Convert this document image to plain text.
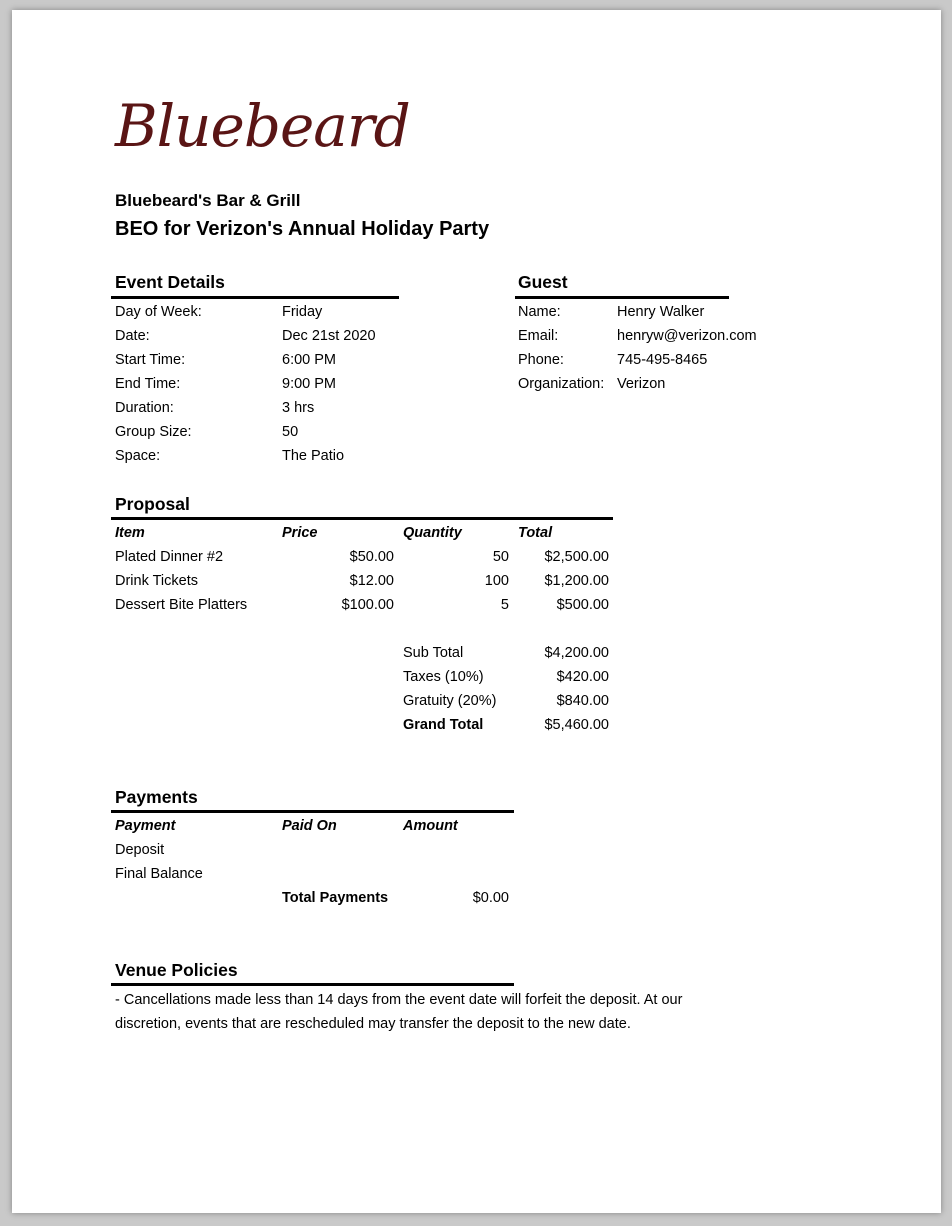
Bluebeard
Bluebeard's Bar & Grill
BEO for Verizon's Annual Holiday Party
Event Details
Day of Week:	Friday
Date:	Dec 21st 2020
Start Time:	6:00 PM
End Time:	9:00 PM
Duration:	3 hrs
Group Size:	50
Space:	The Patio
Guest
Name:	Henry Walker
Email:	henryw@verizon.com
Phone:	745-495-8465
Organization: Verizon
Proposal
Item	Price	Quantity	Total
Plated Dinner #2	$50.00	50	$2,500.00
Drink Tickets	$12.00	100	$1,200.00
Dessert Bite Platters	$100.00	5	$500.00
Sub Total	$4,200.00
Taxes (10%)	$420.00
Gratuity (20%)	$840.00
Grand Total	$5,460.00
Payments
Payment	Paid On	Amount
Deposit
Final Balance
Total Payments	$0.00
Venue Policies
- Cancellations made less than 14 days from the event date will forfeit the deposit. At our discretion, events that are rescheduled may transfer the deposit to the new date.
